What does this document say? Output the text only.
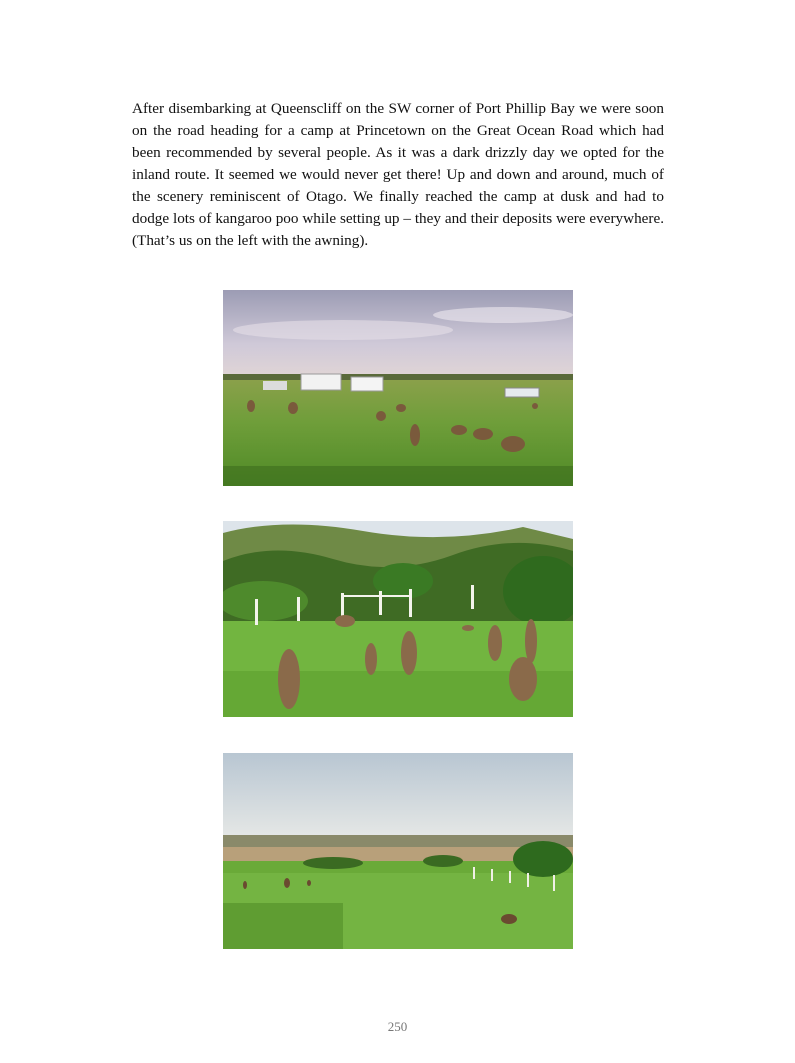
After disembarking at Queenscliff on the SW corner of Port Phillip Bay we were soon on the road heading for a camp at Princetown on the Great Ocean Road which had been recommended by several people. As it was a dark drizzly day we opted for the inland route. It seemed we would never get there! Up and down and around, much of the scenery reminiscent of Otago. We finally reached the camp at dusk and had to dodge lots of kangaroo poo while setting up – they and their deposits were everywhere. (That’s us on the left with the awning).

250
